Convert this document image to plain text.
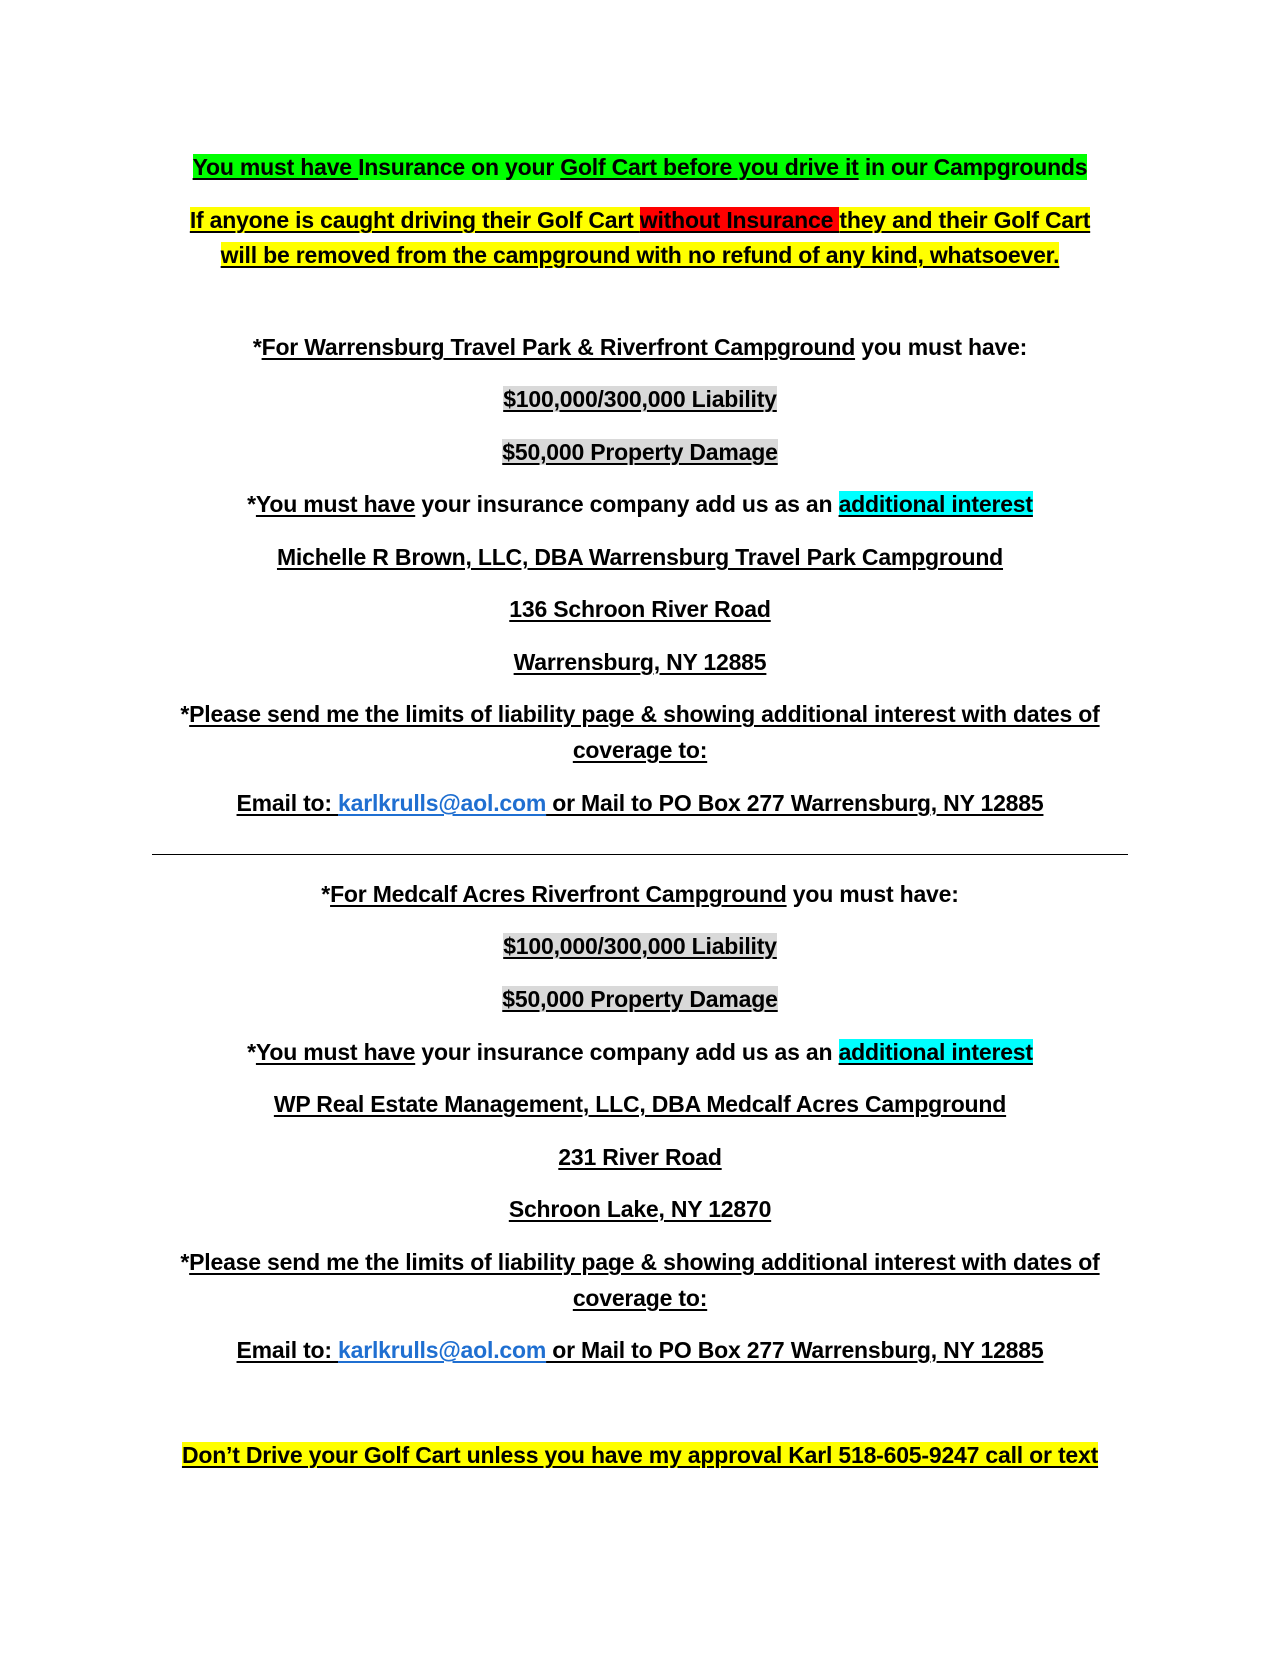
You must have Insurance on your Golf Cart before you drive it in our Campgrounds
If anyone is caught driving their Golf Cart without Insurance they and their Golf Cart
will be removed from the campground with no refund of any kind, whatsoever.
*For Warrensburg Travel Park & Riverfront Campground you must have:
$100,000/300,000 Liability
$50,000 Property Damage
*You must have your insurance company add us as an additional interest
Michelle R Brown, LLC, DBA Warrensburg Travel Park Campground
136 Schroon River Road
Warrensburg, NY 12885
*Please send me the limits of liability page & showing additional interest with dates of
coverage to:
Email to: karlkrulls@aol.com or Mail to PO Box 277 Warrensburg, NY 12885
*For Medcalf Acres Riverfront Campground you must have:
$100,000/300,000 Liability
$50,000 Property Damage
*You must have your insurance company add us as an additional interest
WP Real Estate Management, LLC, DBA Medcalf Acres Campground
231 River Road
Schroon Lake, NY 12870
*Please send me the limits of liability page & showing additional interest with dates of
coverage to:
Email to: karlkrulls@aol.com or Mail to PO Box 277 Warrensburg, NY 12885
Don’t Drive your Golf Cart unless you have my approval Karl 518-605-9247 call or text
